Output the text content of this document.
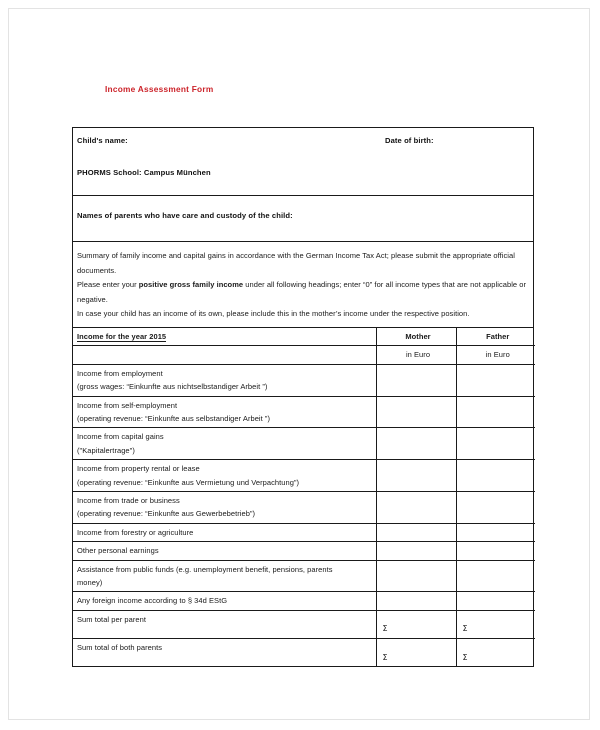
Income Assessment Form
Child's name:	Date of birth:
PHORMS School: Campus München
Names of parents who have care and custody of the child:

Summary of family income and capital gains in accordance with the German Income Tax Act; please submit the appropriate official documents.

Please enter your positive gross family income under all following headings; enter “0” for all income types that are not applicable or negative.

In case your child has an income of its own, please include this in the mother’s income under the respective position.

Income for the year 2015	Mother	Father
	in Euro	in Euro

Income from employment
(gross wages: “Einkunfte aus nichtselbstandiger Arbeit ”)		

Income from self-employment
(operating revenue: “Einkunfte aus selbstandiger Arbeit ”)		

Income from capital gains
("Kapitalertrage")		

Income from property rental or lease
(operating revenue: “Einkunfte aus Vermietung und Verpachtung”)		

Income from trade or business
(operating revenue: “Einkunfte aus Gewerbebetrieb”)		

Income from forestry or agriculture		

Other personal earnings		

Assistance from public funds (e.g. unemployment benefit, pensions, parents
money)		

Any foreign income according to § 34d EStG		

Sum total per parent	Σ	Σ

Sum total of both parents	Σ	Σ
